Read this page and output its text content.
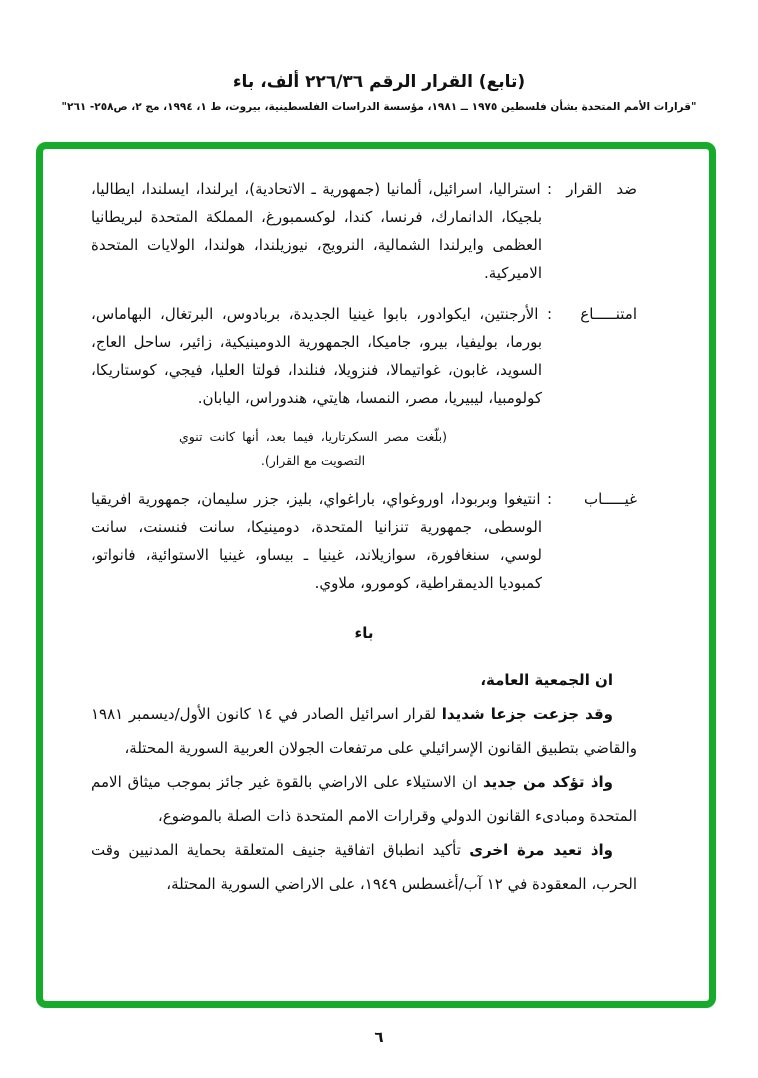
(تابع) القرار الرقم ٢٢٦/٣٦ ألف، باء
"قرارات الأمم المتحدة بشأن فلسطين ١٩٧٥ ــ ١٩٨١، مؤسسة الدراسات الفلسطينية، بيروت، ط ١، ١٩٩٤، مج ٢، ص٢٥٨- ٢٦١"

ضد القرار : استراليا، اسرائيل، ألمانيا (جمهورية ـ الاتحادية)، ايرلندا، ايسلندا، ايطاليا، بلجيكا، الدانمارك، فرنسا، كندا، لوكسمبورغ، المملكة المتحدة لبريطانيا العظمى وايرلندا الشمالية، النرويج، نيوزيلندا، هولندا، الولايات المتحدة الاميركية.

امتنـــــاع : الأرجنتين، ايكوادور، بابوا غينيا الجديدة، بربادوس، البرتغال، البهاماس، بورما، بوليفيا، بيرو، جاميكا، الجمهورية الدومينيكية، زائير، ساحل العاج، السويد، غابون، غواتيمالا، فنزويلا، فنلندا، فولتا العليا، فيجي، كوستاريكا، كولومبيا، ليبيريا، مصر، النمسا، هايتي، هندوراس، اليابان.

(بلّغت مصر السكرتاريا، فيما بعد، أنها كانت تنوي التصويت مع القرار).

غيـــــاب : انتيغوا وبربودا، اوروغواي، باراغواي، بليز، جزر سليمان، جمهورية افريقيا الوسطى، جمهورية تنزانيا المتحدة، دومينيكا، سانت فنسنت، سانت لوسي، سنغافورة، سوازيلاند، غينيا ـ بيساو، غينيا الاستوائية، فانواتو، كمبوديا الديمقراطية، كومورو، ملاوي.

باء

ان الجمعية العامة،

وقد جزعت جزعا شديدا لقرار اسرائيل الصادر في ١٤ كانون الأول/ديسمبر ١٩٨١ والقاضي بتطبيق القانون الإسرائيلي على مرتفعات الجولان العربية السورية المحتلة،

واذ تؤكد من جديد ان الاستيلاء على الاراضي بالقوة غير جائز بموجب ميثاق الامم المتحدة ومبادىء القانون الدولي وقرارات الامم المتحدة ذات الصلة بالموضوع،

واذ تعيد مرة اخرى تأكيد انطباق اتفاقية جنيف المتعلقة بحماية المدنيين وقت الحرب، المعقودة في ١٢ آب/أغسطس ١٩٤٩، على الاراضي السورية المحتلة،

٦
